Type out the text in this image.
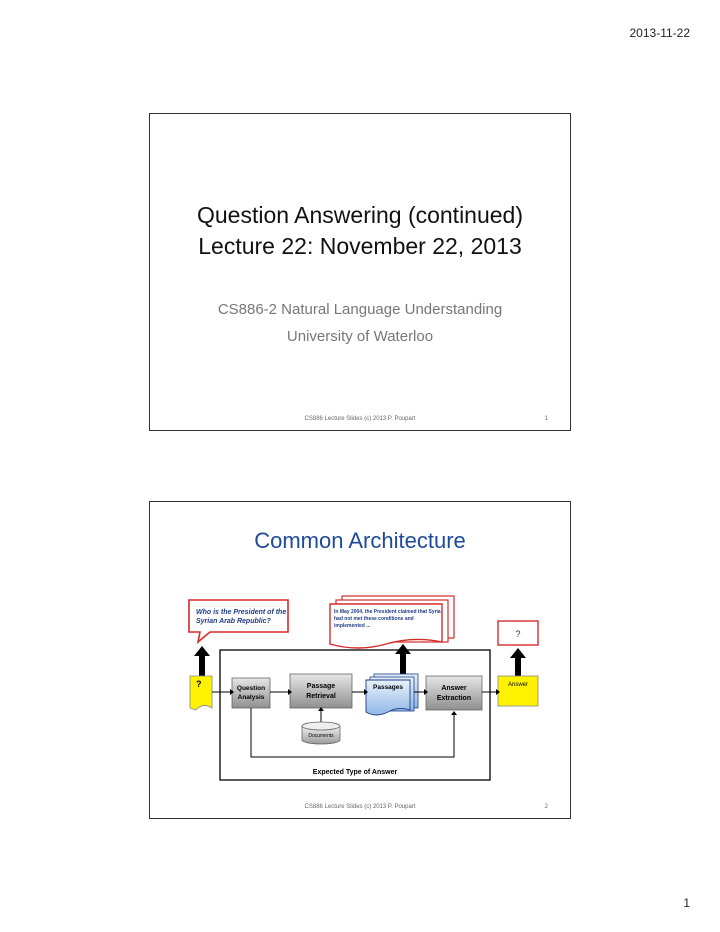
2013-11-22
Question Answering (continued)
Lecture 22: November 22, 2013
CS886-2 Natural Language Understanding
University of Waterloo
CS886 Lecture Slides (c) 2013 P. Poupart	1
Common Architecture
Who is the President of the
Syrian Arab Republic?
In May 2004, the President claimed that Syria
had not met these conditions and
implemented ...
?
?	Question
Analysis
Passage
Retrieval
Passages	Answer
Extraction
Answer
Documents
Expected Type of Answer
CS886 Lecture Slides (c) 2013 P. Poupart	2
1
